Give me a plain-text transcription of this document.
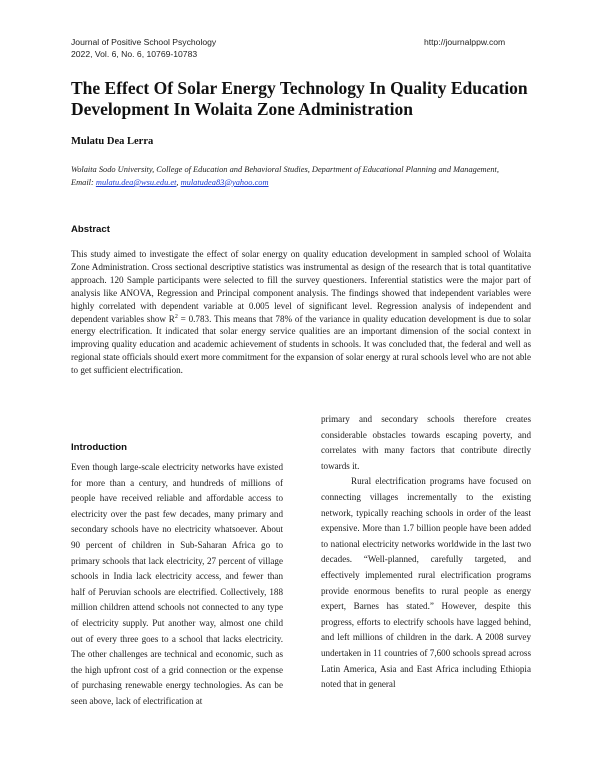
Journal of Positive School Psychology
2022, Vol. 6, No. 6, 10769-10783
http://journalppw.com
The Effect Of Solar Energy Technology In Quality Education Development In Wolaita Zone Administration
Mulatu Dea Lerra
Wolaita Sodo University, College of Education and Behavioral Studies, Department of Educational Planning and Management,
Email: mulatu.dea@wsu.edu.et, mulatudea83@yahoo.com
Abstract
This study aimed to investigate the effect of solar energy on quality education development in sampled school of Wolaita Zone Administration. Cross sectional descriptive statistics was instrumental as design of the research that is total quantitative approach. 120 Sample participants were selected to fill the survey questioners. Inferential statistics were the major part of analysis like ANOVA, Regression and Principal component analysis. The findings showed that independent variables were highly correlated with dependent variable at 0.005 level of significant level. Regression analysis of independent and dependent variables show $R^2 = 0.783$. This means that 78% of the variance in quality education development is due to solar energy electrification. It indicated that solar energy service qualities are an important dimension of the social context in improving quality education and academic achievement of students in schools. It was concluded that, the federal and well as regional state officials should exert more commitment for the expansion of solar energy at rural schools level who are not able to get sufficient electrification.
Introduction

Even though large-scale electricity networks have existed for more than a century, and hundreds of millions of people have received reliable and affordable access to electricity over the past few decades, many primary and secondary schools have no electricity whatsoever. About 90 percent of children in Sub-Saharan Africa go to primary schools that lack electricity, 27 percent of village schools in India lack electricity access, and fewer than half of Peruvian schools are electrified. Collectively, 188 million children attend schools not connected to any type of electricity supply. Put another way, almost one child out of every three goes to a school that lacks electricity. The other challenges are technical and economic, such as the high upfront cost of a grid connection or the expense of purchasing renewable energy technologies. As can be seen above, lack of electrification at

primary and secondary schools therefore creates considerable obstacles towards escaping poverty, and correlates with many factors that contribute directly towards it.

Rural electrification programs have focused on connecting villages incrementally to the existing network, typically reaching schools in order of the least expensive. More than 1.7 billion people have been added to national electricity networks worldwide in the last two decades. “Well-planned, carefully targeted, and effectively implemented rural electrification programs provide enormous benefits to rural people as energy expert, Barnes has stated.” However, despite this progress, efforts to electrify schools have lagged behind, and left millions of children in the dark. A 2008 survey undertaken in 11 countries of 7,600 schools spread across Latin America, Asia and East Africa including Ethiopia noted that in general
